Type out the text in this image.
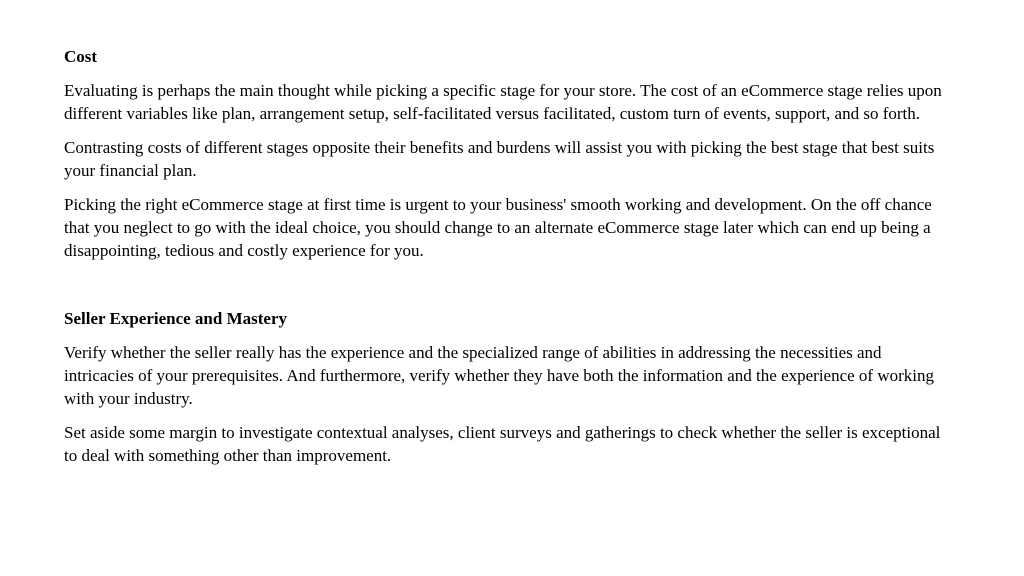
Cost
Evaluating is perhaps the main thought while picking a specific stage for your store. The cost of an eCommerce stage relies upon different variables like plan, arrangement setup, self-facilitated versus facilitated, custom turn of events, support, and so forth.
Contrasting costs of different stages opposite their benefits and burdens will assist you with picking the best stage that best suits your financial plan.
Picking the right eCommerce stage at first time is urgent to your business' smooth working and development. On the off chance that you neglect to go with the ideal choice, you should change to an alternate eCommerce stage later which can end up being a disappointing, tedious and costly experience for you.
Seller Experience and Mastery
Verify whether the seller really has the experience and the specialized range of abilities in addressing the necessities and intricacies of your prerequisites. And furthermore, verify whether they have both the information and the experience of working with your industry.
Set aside some margin to investigate contextual analyses, client surveys and gatherings to check whether the seller is exceptional to deal with something other than improvement.
